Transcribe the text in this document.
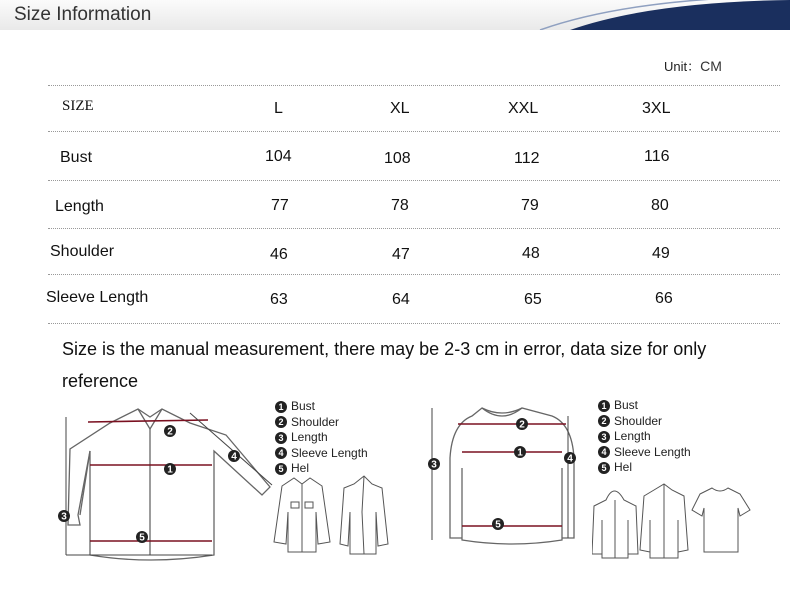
Size Information
Unit：CM
SIZE	L	XL	XXL	3XL
Bust	104	108	112	116
Length	77	78	79	80
Shoulder	46	47	48	49
Sleeve Length	63	64	65	66
Size is the manual measurement, there may be 2-3 cm in error, data size for only reference
2
1
4
3
5
1 Bust
2 Shoulder
3 Length
4 Sleeve Length
5 Hel
2
1
3
4
5
1 Bust
2 Shoulder
3 Length
4 Sleeve Length
5 Hel
